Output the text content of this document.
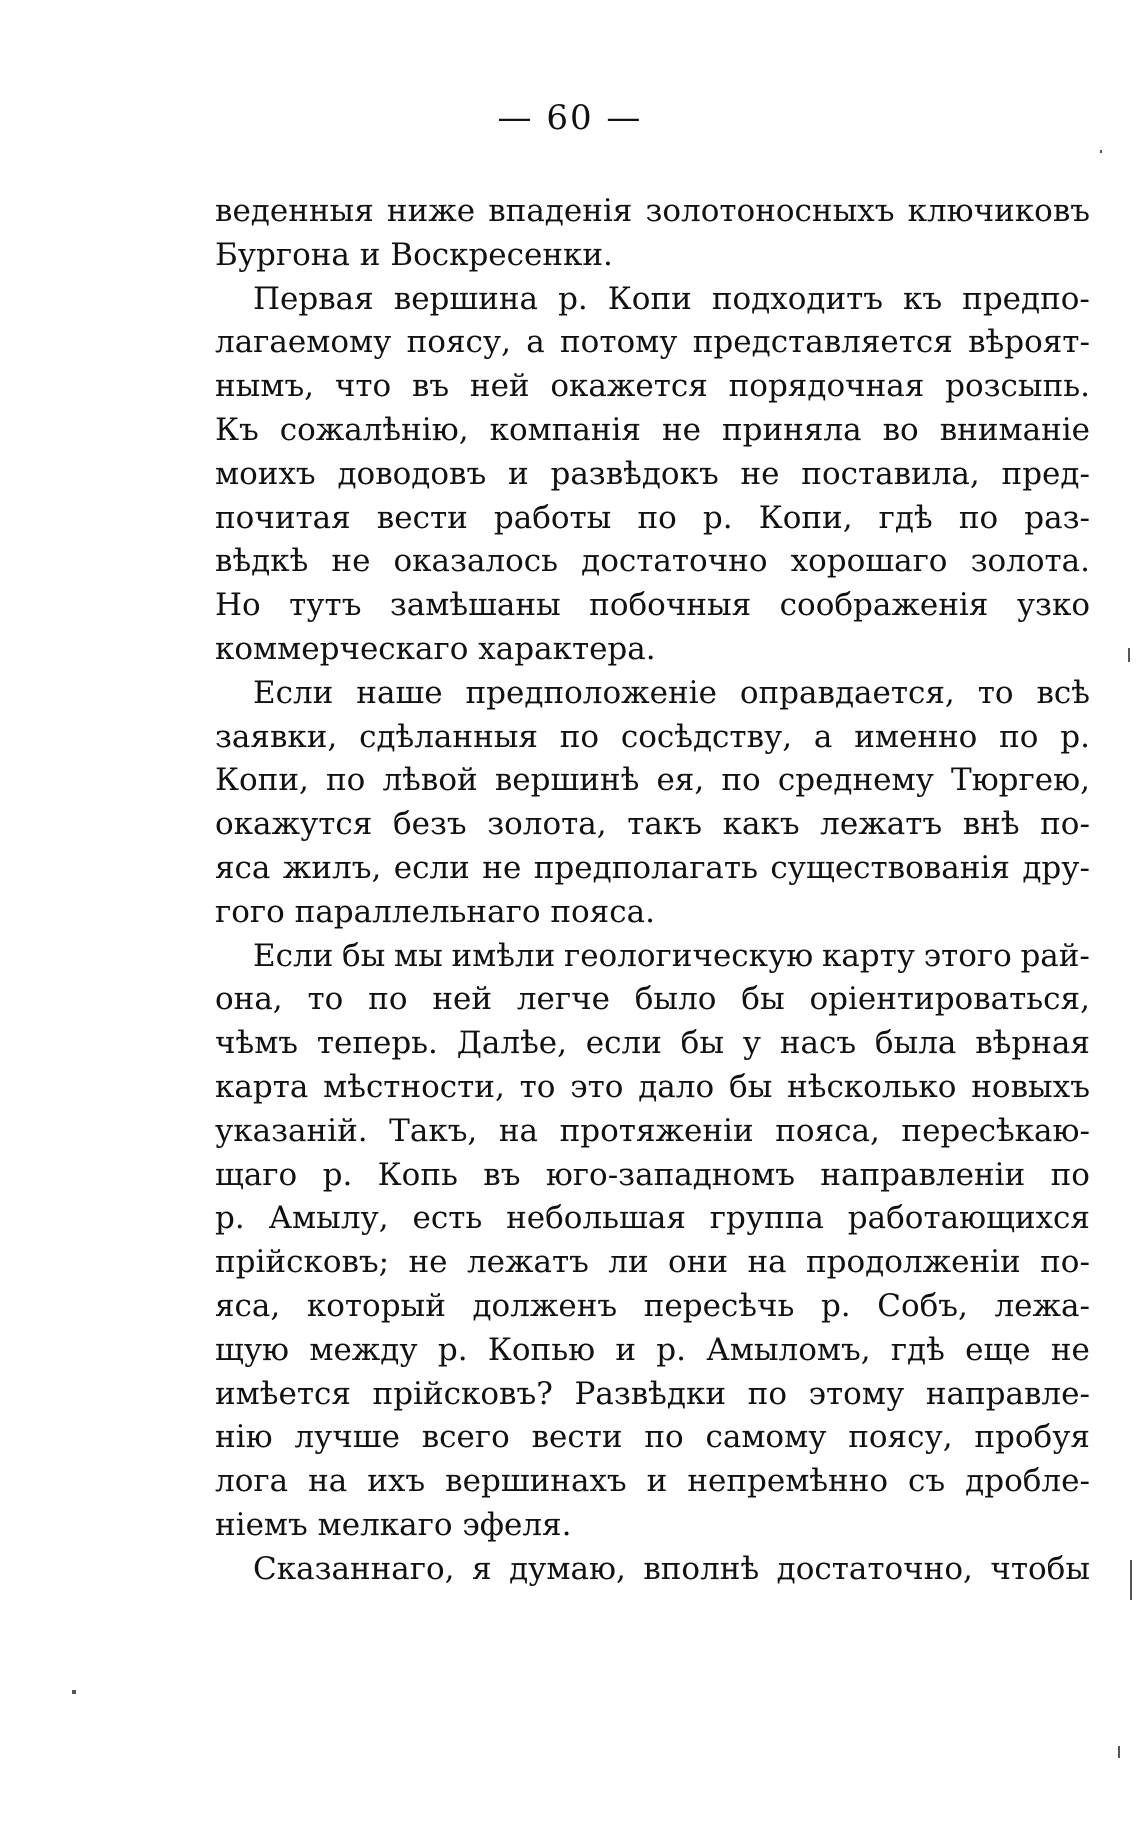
— 60 —
веденныя ниже впаденія золотоносныхъ ключиковъ
Бургона и Воскресенки.
Первая вершина р. Копи подходитъ къ предпо-
лагаемому поясу, а потому представляется вѣроят-
нымъ, что въ ней окажется порядочная розсыпь.
Къ сожалѣнію, компанія не приняла во вниманіе
моихъ доводовъ и развѣдокъ не поставила, пред-
почитая вести работы по р. Копи, гдѣ по раз-
вѣдкѣ не оказалось достаточно хорошаго золота.
Но тутъ замѣшаны побочныя соображенія узко
коммерческаго характера.
Если наше предположеніе оправдается, то всѣ
заявки, сдѣланныя по сосѣдству, а именно по р.
Копи, по лѣвой вершинѣ ея, по среднему Тюргею,
окажутся безъ золота, такъ какъ лежатъ внѣ по-
яса жилъ, если не предполагать существованія дру-
гого параллельнаго пояса.
Если бы мы имѣли геологическую карту этого рай-
она, то по ней легче было бы оріентироваться,
чѣмъ теперь. Далѣе, если бы у насъ была вѣрная
карта мѣстности, то это дало бы нѣсколько новыхъ
указаній. Такъ, на протяженіи пояса, пересѣкаю-
щаго р. Копь въ юго-западномъ направленіи по
р. Амылу, есть небольшая группа работающихся
прійсковъ; не лежатъ ли они на продолженіи по-
яса, который долженъ пересѣчь р. Собъ, лежа-
щую между р. Копью и р. Амыломъ, гдѣ еще не
имѣется прійсковъ? Развѣдки по этому направле-
нію лучше всего вести по самому поясу, пробуя
лога на ихъ вершинахъ и непремѣнно съ дробле-
ніемъ мелкаго эфеля.
Сказаннаго, я думаю, вполнѣ достаточно, чтобы
